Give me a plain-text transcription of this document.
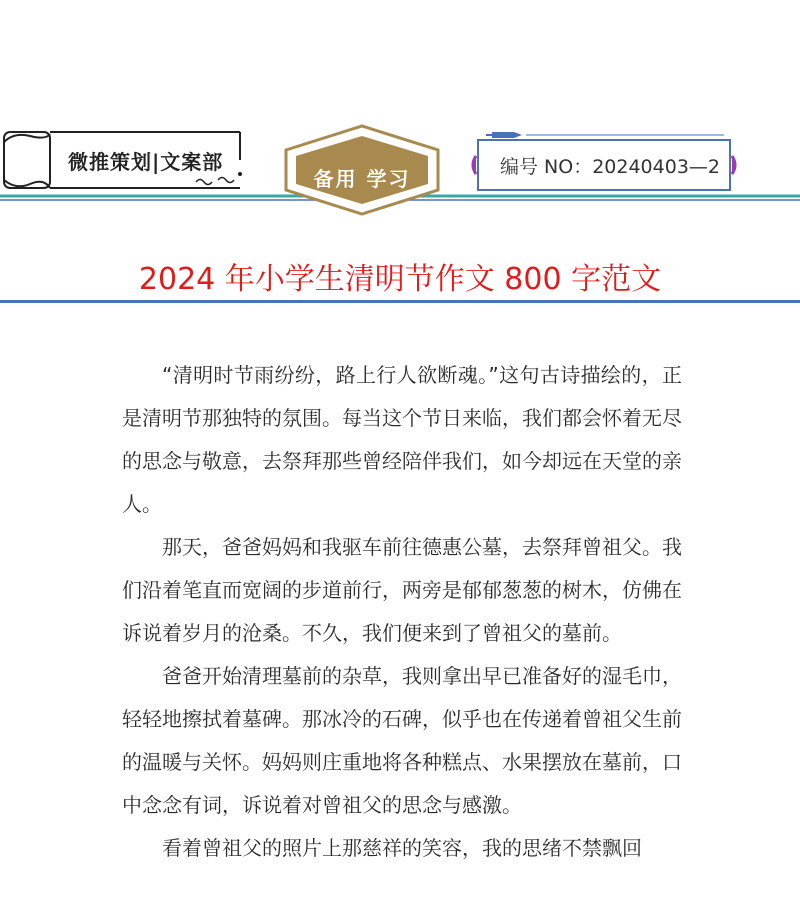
微推策划|文案部
备用 学习	编号 NO：20240403—2
2024 年小学生清明节作文 800 字范文

“清明时节雨纷纷，路上行人欲断魂。”这句古诗描绘的，正是清明节那独特的氛围。每当这个节日来临，我们都会怀着无尽的思念与敬意，去祭拜那些曾经陪伴我们，如今却远在天堂的亲人。

那天，爸爸妈妈和我驱车前往德惠公墓，去祭拜曾祖父。我们沿着笔直而宽阔的步道前行，两旁是郁郁葱葱的树木，仿佛在诉说着岁月的沧桑。不久，我们便来到了曾祖父的墓前。

爸爸开始清理墓前的杂草，我则拿出早已准备好的湿毛巾，轻轻地擦拭着墓碑。那冰冷的石碑，似乎也在传递着曾祖父生前的温暖与关怀。妈妈则庄重地将各种糕点、水果摆放在墓前，口中念念有词，诉说着对曾祖父的思念与感激。

看着曾祖父的照片上那慈祥的笑容，我的思绪不禁飘回
